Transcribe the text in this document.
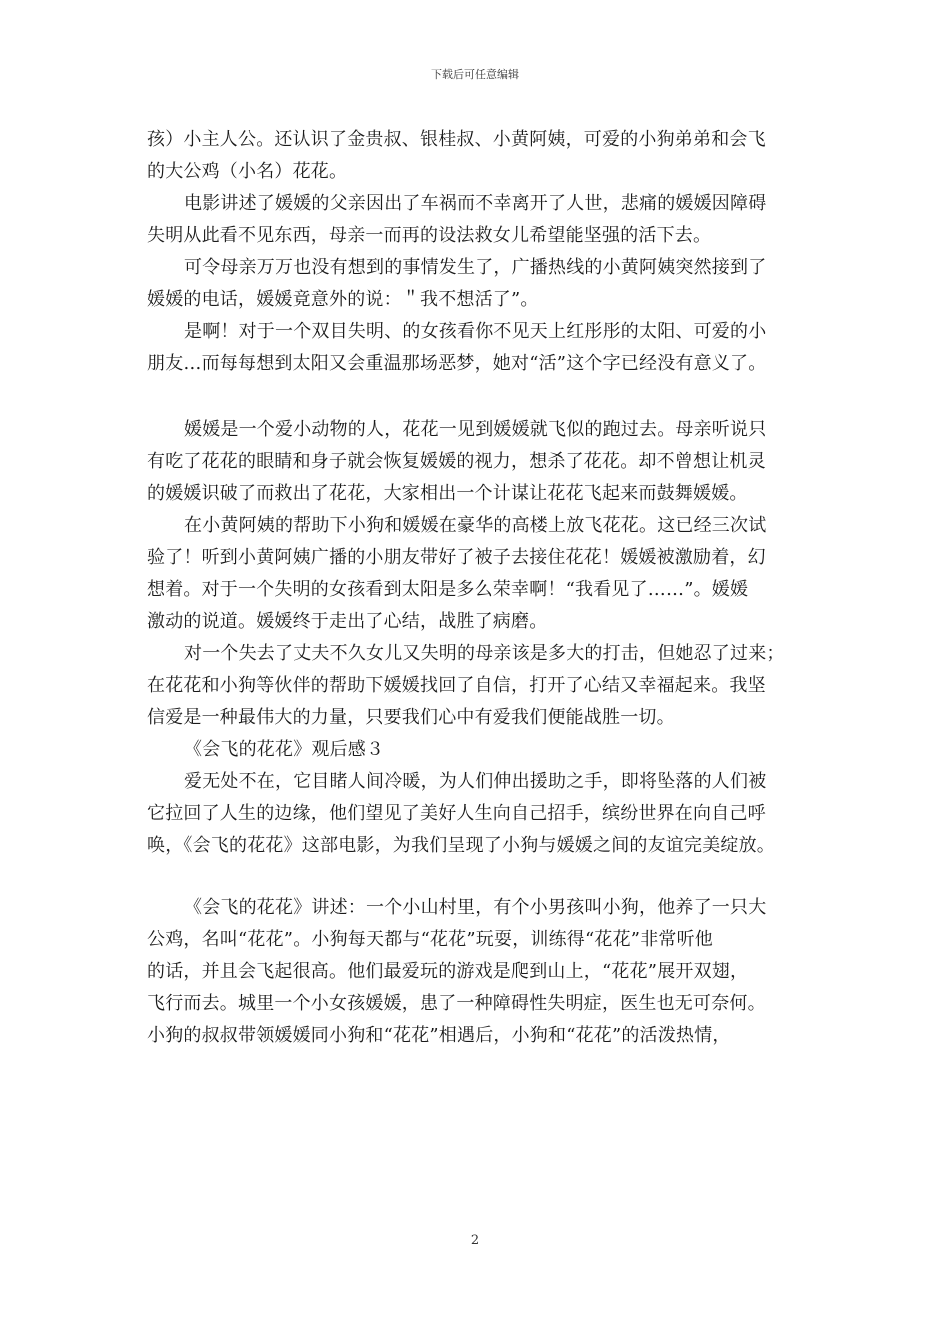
下载后可任意编辑
孩）小主人公。还认识了金贵叔、银桂叔、小黄阿姨，可爱的小狗弟弟和会飞
的大公鸡（小名）花花。
电影讲述了媛媛的父亲因出了车祸而不幸离开了人世，悲痛的媛媛因障碍
失明从此看不见东西，母亲一而再的设法救女儿希望能坚强的活下去。
可令母亲万万也没有想到的事情发生了，广播热线的小黄阿姨突然接到了
媛媛的电话，媛媛竟意外的说：＂我不想活了”。
是啊！对于一个双目失明、的女孩看你不见天上红彤彤的太阳、可爱的小
朋友…而每每想到太阳又会重温那场恶梦，她对“活”这个字已经没有意义了。
媛媛是一个爱小动物的人，花花一见到媛媛就飞似的跑过去。母亲听说只
有吃了花花的眼睛和身子就会恢复媛媛的视力，想杀了花花。却不曾想让机灵
的媛媛识破了而救出了花花，大家相出一个计谋让花花飞起来而鼓舞媛媛。
在小黄阿姨的帮助下小狗和媛媛在豪华的高楼上放飞花花。这已经三次试
验了！听到小黄阿姨广播的小朋友带好了被子去接住花花！媛媛被激励着，幻
想着。对于一个失明的女孩看到太阳是多么荣幸啊！“我看见了……”。媛媛
激动的说道。媛媛终于走出了心结，战胜了病磨。
对一个失去了丈夫不久女儿又失明的母亲该是多大的打击，但她忍了过来；
在花花和小狗等伙伴的帮助下媛媛找回了自信，打开了心结又幸福起来。我坚
信爱是一种最伟大的力量，只要我们心中有爱我们便能战胜一切。
《会飞的花花》观后感３
爱无处不在，它目睹人间冷暖，为人们伸出援助之手，即将坠落的人们被
它拉回了人生的边缘，他们望见了美好人生向自己招手，缤纷世界在向自己呼
唤，《会飞的花花》这部电影，为我们呈现了小狗与媛媛之间的友谊完美绽放。
《会飞的花花》讲述：一个小山村里，有个小男孩叫小狗，他养了一只大
公鸡，名叫“花花”。小狗每天都与“花花”玩耍，训练得“花花”非常听他
的话，并且会飞起很高。他们最爱玩的游戏是爬到山上，“花花”展开双翅，
飞行而去。城里一个小女孩媛媛，患了一种障碍性失明症，医生也无可奈何。
小狗的叔叔带领媛媛同小狗和“花花”相遇后，小狗和“花花”的活泼热情，
2
